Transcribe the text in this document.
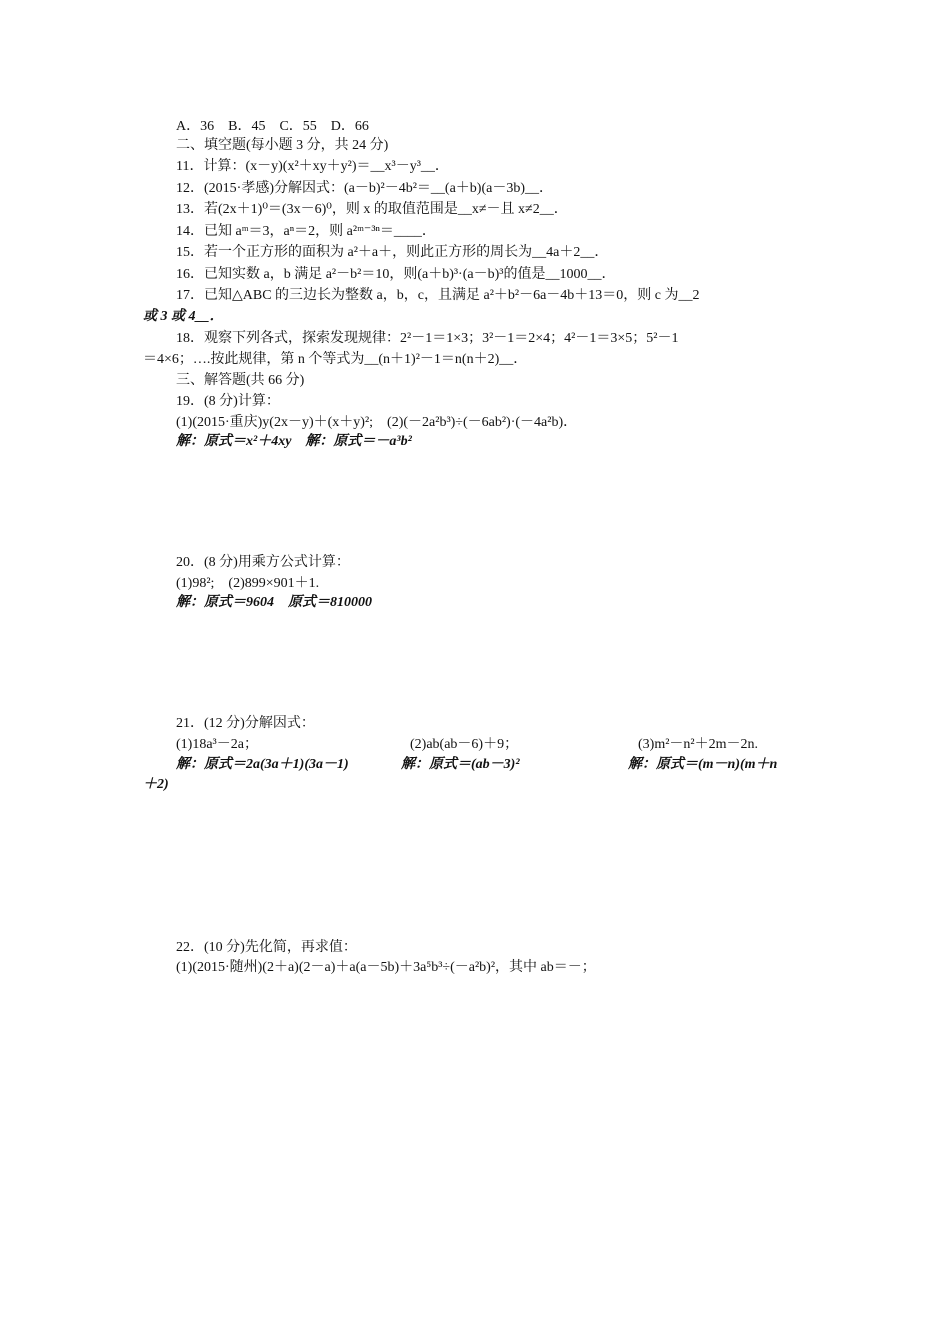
A．36　B．45　C．55　D．66
二、填空题(每小题 3 分，共 24 分)
11．计算：(x－y)(x²＋xy＋y²)＝__x³－y³__．
12．(2015·孝感)分解因式：(a－b)²－4b²＝__(a＋b)(a－3b)__．
13．若(2x＋1)⁰＝(3x－6)⁰，则 x 的取值范围是__x≠－且 x≠2__．
14．已知 aᵐ＝3，aⁿ＝2，则 a²ᵐ⁻³ⁿ＝____．
15．若一个正方形的面积为 a²＋a＋，则此正方形的周长为__4a＋2__．
16．已知实数 a，b 满足 a²－b²＝10，则(a＋b)³·(a－b)³的值是__1000__．
17．已知△ABC 的三边长为整数 a，b，c，且满足 a²＋b²－6a－4b＋13＝0，则 c 为__2
或 3 或 4__．
18．观察下列各式，探索发现规律：2²－1＝1×3；3²－1＝2×4；4²－1＝3×5；5²－1
＝4×6；….按此规律，第 n 个等式为__(n＋1)²－1＝n(n＋2)__．
三、解答题(共 66 分)
19．(8 分)计算：
(1)(2015·重庆)y(2x－y)＋(x＋y)²;　(2)(－2a²b³)÷(－6ab²)·(－4a²b)．
解：原式＝x²＋4xy　解：原式＝－a³b²
20．(8 分)用乘方公式计算：
(1)98²;　(2)899×901＋1.
解：原式＝9604　原式＝810000
21．(12 分)分解因式：
(1)18a³－2a；	(2)ab(ab－6)＋9；	(3)m²－n²＋2m－2n.
解：原式＝2a(3a＋1)(3a－1)	解：原式＝(ab－3)²	解：原式＝(m－n)(m＋n
＋2)
22．(10 分)先化简，再求值：
(1)(2015·随州)(2＋a)(2－a)＋a(a－5b)＋3a⁵b³÷(－a²b)²，其中 ab＝－；
